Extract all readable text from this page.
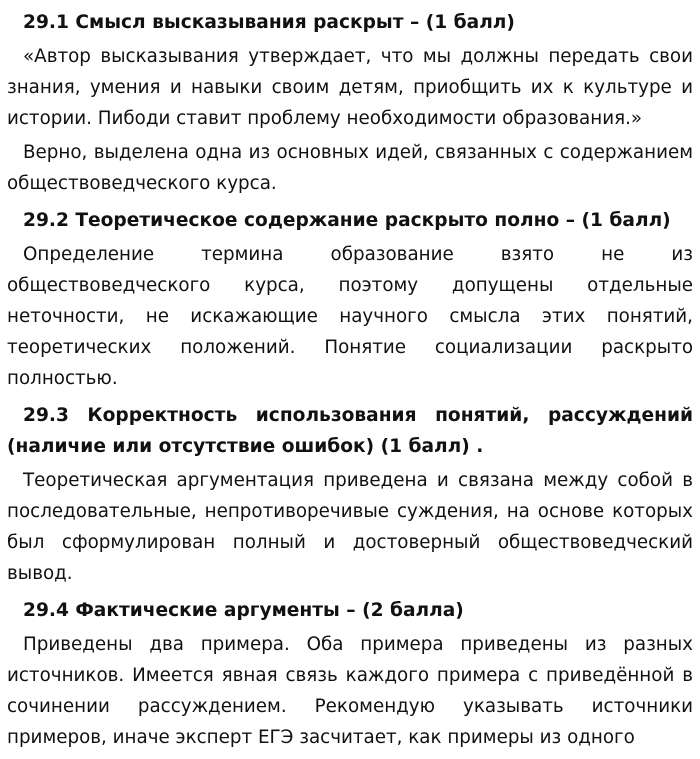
29.1 Смысл высказывания раскрыт – (1 балл)

«Автор высказывания утверждает, что мы должны передать свои знания, умения и навыки своим детям, приобщить их к культуре и истории. Пибоди ставит проблему необходимости образования.»

Верно, выделена одна из основных идей, связанных с содержанием обществоведческого курса.

29.2 Теоретическое содержание раскрыто полно – (1 балл)

Определение термина образование взято не из обществоведческого курса, поэтому допущены отдельные неточности, не искажающие научного смысла этих понятий, теоретических положений. Понятие социализации раскрыто полностью.

29.3 Корректность использования понятий, рассуждений (наличие или отсутствие ошибок) (1 балл) .

Теоретическая аргументация приведена и связана между собой в последовательные, непротиворечивые суждения, на основе которых был сформулирован полный и достоверный обществоведческий вывод.

29.4 Фактические аргументы – (2 балла)

Приведены два примера. Оба примера приведены из разных источников. Имеется явная связь каждого примера с приведённой в сочинении рассуждением. Рекомендую указывать источники примеров, иначе эксперт ЕГЭ засчитает, как примеры из одного
